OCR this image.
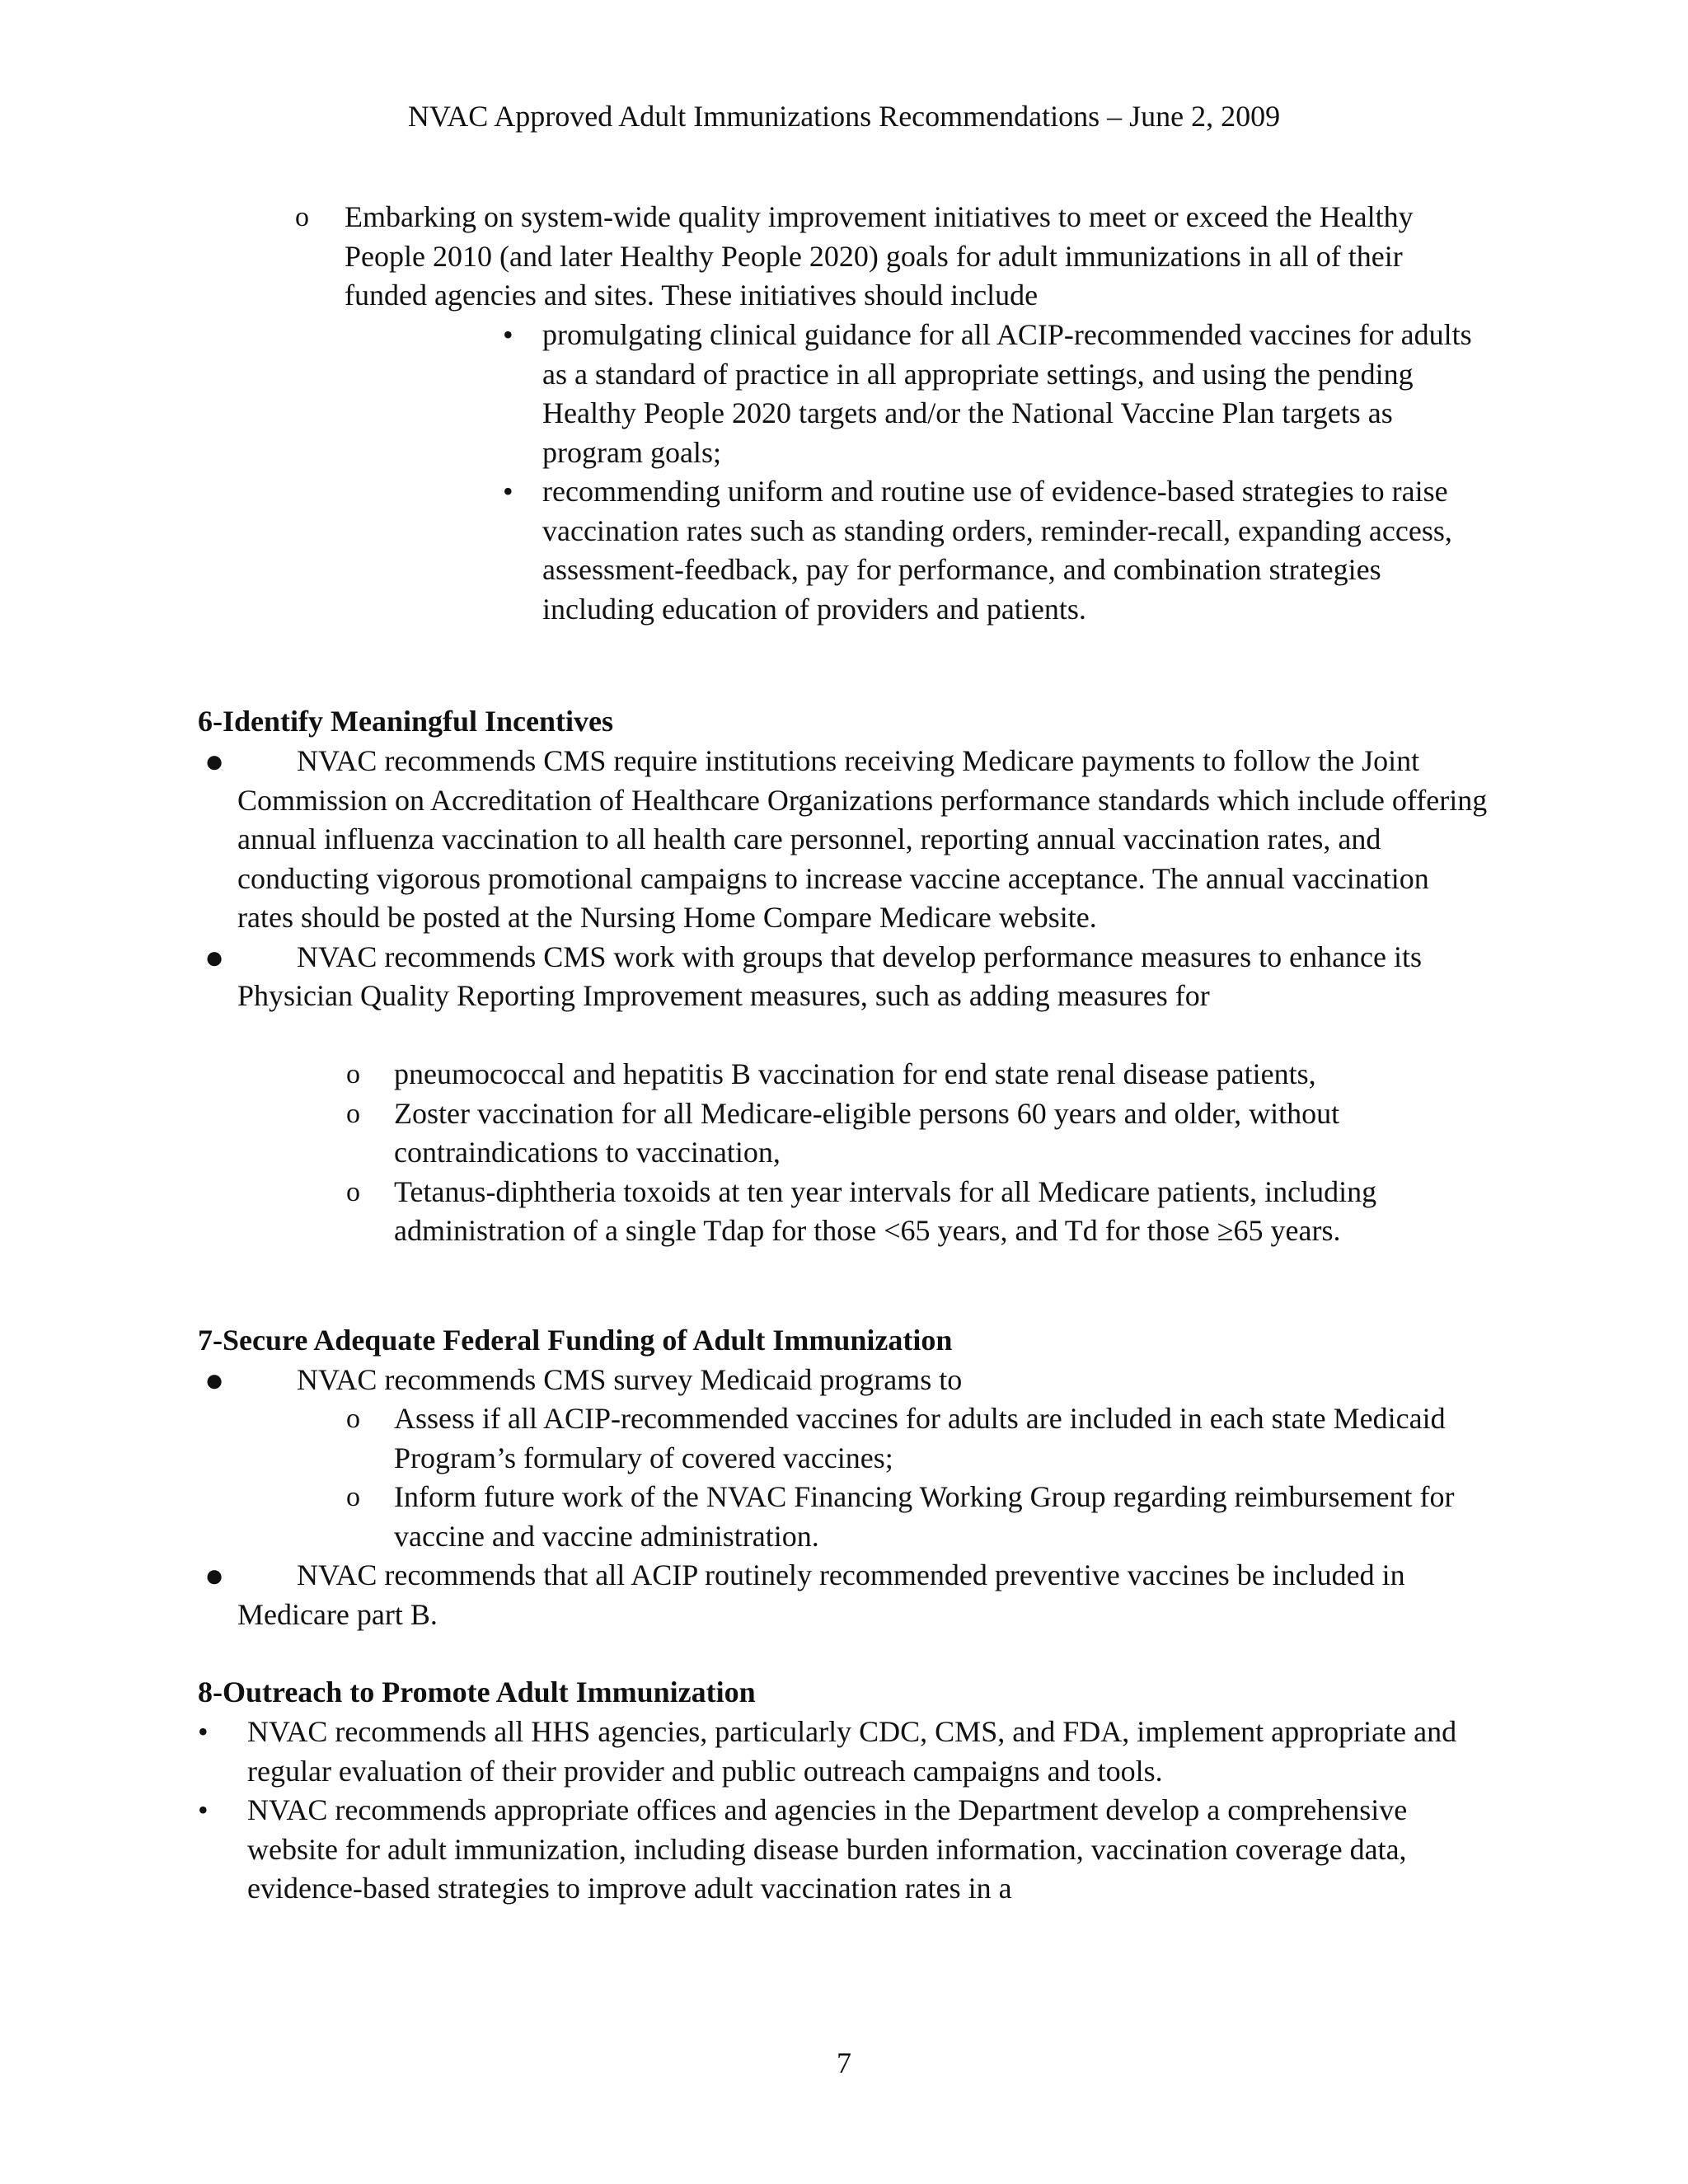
NVAC Approved Adult Immunizations Recommendations – June 2, 2009
o Embarking on system-wide quality improvement initiatives to meet or exceed the Healthy People 2010 (and later Healthy People 2020) goals for adult immunizations in all of their funded agencies and sites. These initiatives should include
• promulgating clinical guidance for all ACIP-recommended vaccines for adults as a standard of practice in all appropriate settings, and using the pending Healthy People 2020 targets and/or the National Vaccine Plan targets as program goals;
• recommending uniform and routine use of evidence-based strategies to raise vaccination rates such as standing orders, reminder-recall, expanding access, assessment-feedback, pay for performance, and combination strategies including education of providers and patients.
6-Identify Meaningful Incentives
●	NVAC recommends CMS require institutions receiving Medicare payments to follow the Joint Commission on Accreditation of Healthcare Organizations performance standards which include offering annual influenza vaccination to all health care personnel, reporting annual vaccination rates, and conducting vigorous promotional campaigns to increase vaccine acceptance. The annual vaccination rates should be posted at the Nursing Home Compare Medicare website.
●	NVAC recommends CMS work with groups that develop performance measures to enhance its Physician Quality Reporting Improvement measures, such as adding measures for
o pneumococcal and hepatitis B vaccination for end state renal disease patients,
o Zoster vaccination for all Medicare-eligible persons 60 years and older, without contraindications to vaccination,
o Tetanus-diphtheria toxoids at ten year intervals for all Medicare patients, including administration of a single Tdap for those <65 years, and Td for those ≥65 years.
7-Secure Adequate Federal Funding of Adult Immunization
●	NVAC recommends CMS survey Medicaid programs to
o Assess if all ACIP-recommended vaccines for adults are included in each state Medicaid Program’s formulary of covered vaccines;
o Inform future work of the NVAC Financing Working Group regarding reimbursement for vaccine and vaccine administration.
●	NVAC recommends that all ACIP routinely recommended preventive vaccines be included in Medicare part B.
8-Outreach to Promote Adult Immunization
• NVAC recommends all HHS agencies, particularly CDC, CMS, and FDA, implement appropriate and regular evaluation of their provider and public outreach campaigns and tools.
• NVAC recommends appropriate offices and agencies in the Department develop a comprehensive website for adult immunization, including disease burden information, vaccination coverage data, evidence-based strategies to improve adult vaccination rates in a
7
